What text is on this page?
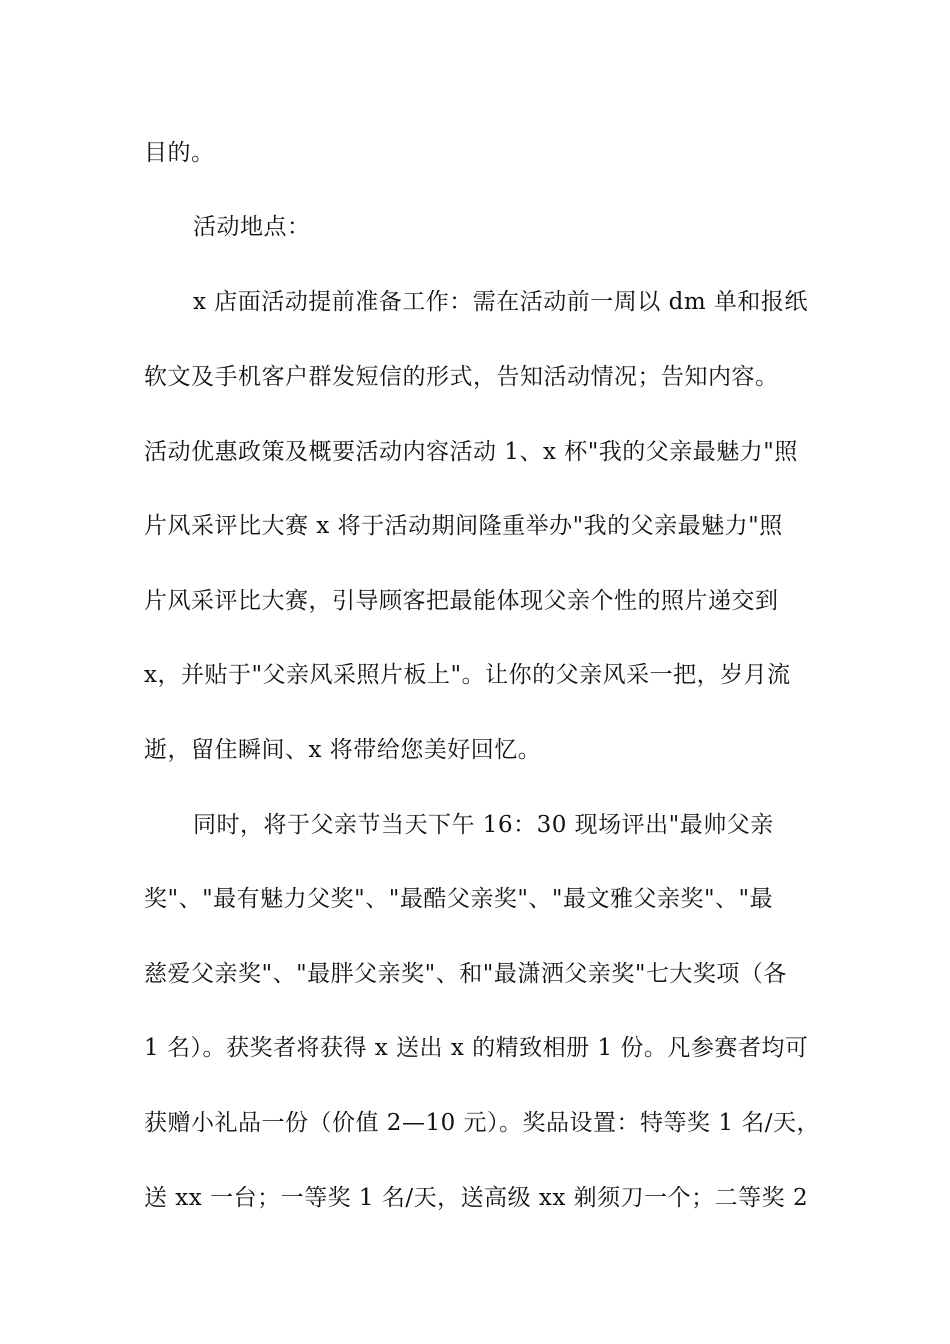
目的。
活动地点：
x 店面活动提前准备工作：需在活动前一周以 dm 单和报纸
软文及手机客户群发短信的形式，告知活动情况；告知内容。
活动优惠政策及概要活动内容活动 1、x 杯"我的父亲最魅力"照
片风采评比大赛 x 将于活动期间隆重举办"我的父亲最魅力"照
片风采评比大赛，引导顾客把最能体现父亲个性的照片递交到
x，并贴于"父亲风采照片板上"。让你的父亲风采一把，岁月流
逝，留住瞬间、x 将带给您美好回忆。
同时，将于父亲节当天下午 16：30 现场评出"最帅父亲
奖"、"最有魅力父奖"、"最酷父亲奖"、"最文雅父亲奖"、"最
慈爱父亲奖"、"最胖父亲奖"、和"最潇洒父亲奖"七大奖项（各
1 名）。获奖者将获得 x 送出 x 的精致相册 1 份。凡参赛者均可
获赠小礼品一份（价值 2—10 元）。奖品设置：特等奖 1 名/天，
送 xx 一台；一等奖 1 名/天，送高级 xx 剃须刀一个；二等奖 2
